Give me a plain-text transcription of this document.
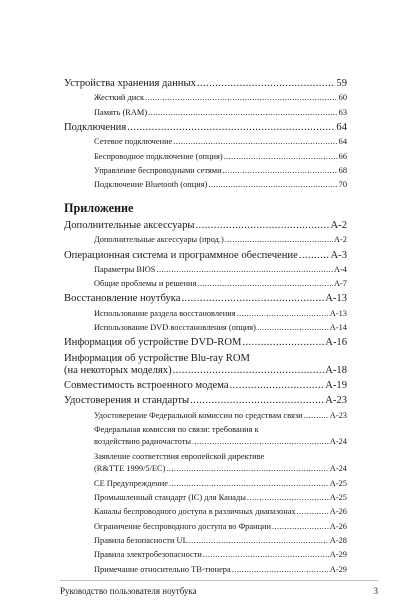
Устройства хранения данных .....	59
Жесткий диск .....	60
Память (RAM) .....	63
Подключения .....	64
Сетевое подключение .....	64
Беспроводное подключение (опция) .....	66
Управление беспроводными сетями .....	68
Подключение Bluetooth (опция) .....	70
Приложение
Дополнительные аксессуары .....	A-2
Дополнительные аксессуары (прод.) .....	A-2
Операционная система и программное обеспечение .....	A-3
Параметры BIOS .....	A-4
Общие проблемы и решения .....	A-7
Восстановление ноутбука .....	A-13
Использование раздела восстановления .....	A-13
Использование DVD восстановления (опция) .....	A-14
Информация об устройстве DVD-ROM .....	A-16
Информация об устройстве Blu-ray ROM
(на некоторых моделях) .....	A-18
Совместимость встроенного модема .....	A-19
Удостоверения и стандарты .....	A-23
Удостоверение Федеральной комиссии по средствам связи .....	A-23
Федеральная комиссия по связи: требования к
воздействию радиочастоты .....	A-24
Заявление соответствия европейской директиве
(R&TTE 1999/5/EC) .....	A-24
CE Предупреждение .....	A-25
Промышленный стандарт (IC) для Канады .....	A-25
Каналы беспроводного доступа в различных диапазонах .....	A-26
Ограничение беспроводного доступа во Франции .....	A-26
Правила безопасности UL .....	A-28
Правила электробезопасности .....	A-29
Примечание относительно ТВ-тюнера .....	A-29
Руководство пользователя ноутбука	3
